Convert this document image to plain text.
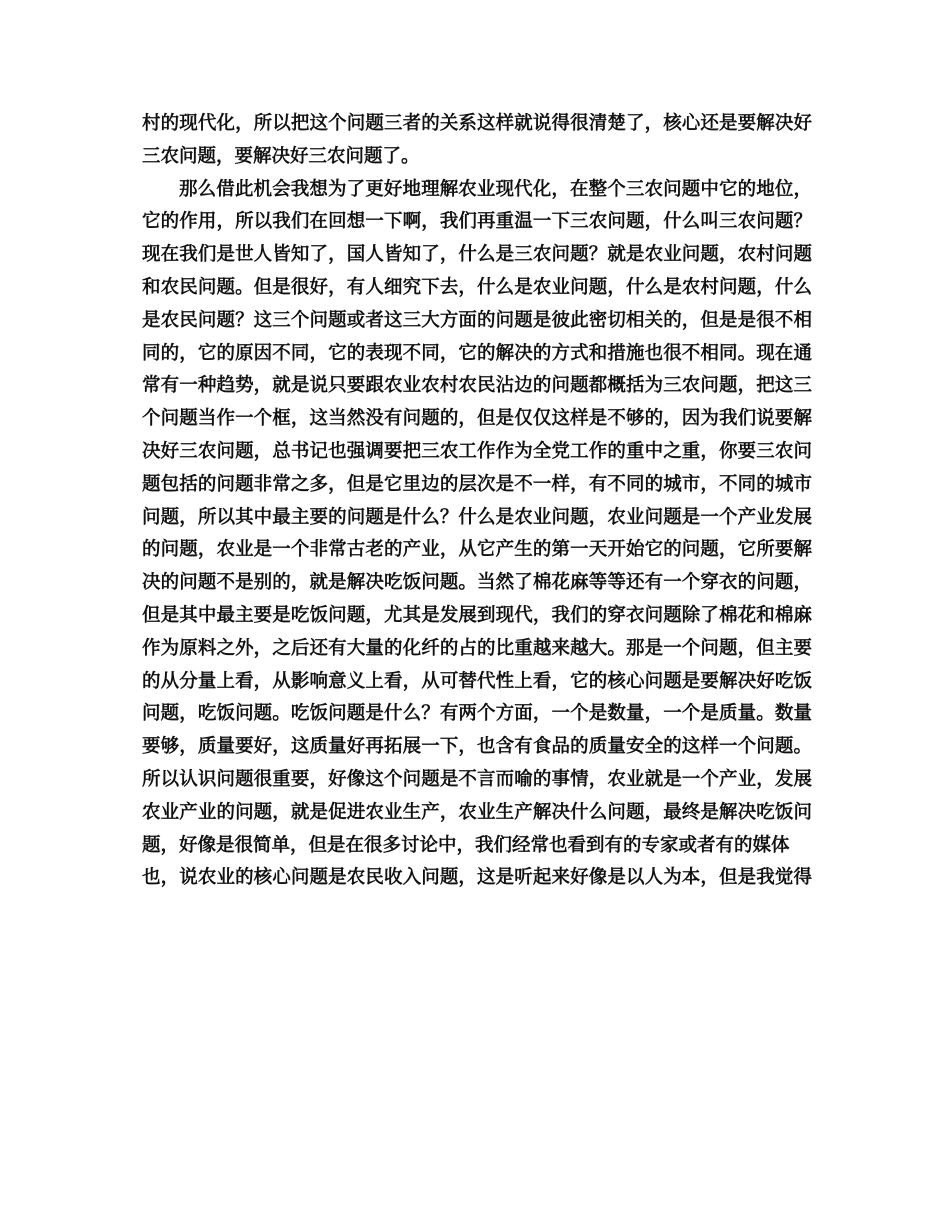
村的现代化，所以把这个问题三者的关系这样就说得很清楚了，核心还是要解决好
三农问题，要解决好三农问题了。
那么借此机会我想为了更好地理解农业现代化，在整个三农问题中它的地位，
它的作用，所以我们在回想一下啊，我们再重温一下三农问题，什么叫三农问题？
现在我们是世人皆知了，国人皆知了，什么是三农问题？就是农业问题，农村问题
和农民问题。但是很好，有人细究下去，什么是农业问题，什么是农村问题，什么
是农民问题？这三个问题或者这三大方面的问题是彼此密切相关的，但是是很不相
同的，它的原因不同，它的表现不同，它的解决的方式和措施也很不相同。现在通
常有一种趋势，就是说只要跟农业农村农民沾边的问题都概括为三农问题，把这三
个问题当作一个框，这当然没有问题的，但是仅仅这样是不够的，因为我们说要解
决好三农问题，总书记也强调要把三农工作作为全党工作的重中之重，你要三农问
题包括的问题非常之多，但是它里边的层次是不一样，有不同的城市，不同的城市
问题，所以其中最主要的问题是什么？什么是农业问题，农业问题是一个产业发展
的问题，农业是一个非常古老的产业，从它产生的第一天开始它的问题，它所要解
决的问题不是别的，就是解决吃饭问题。当然了棉花麻等等还有一个穿衣的问题，
但是其中最主要是吃饭问题，尤其是发展到现代，我们的穿衣问题除了棉花和棉麻
作为原料之外，之后还有大量的化纤的占的比重越来越大。那是一个问题，但主要
的从分量上看，从影响意义上看，从可替代性上看，它的核心问题是要解决好吃饭
问题，吃饭问题。吃饭问题是什么？有两个方面，一个是数量，一个是质量。数量
要够，质量要好，这质量好再拓展一下，也含有食品的质量安全的这样一个问题。
所以认识问题很重要，好像这个问题是不言而喻的事情，农业就是一个产业，发展
农业产业的问题，就是促进农业生产，农业生产解决什么问题，最终是解决吃饭问
题，好像是很简单，但是在很多讨论中，我们经常也看到有的专家或者有的媒体
也，说农业的核心问题是农民收入问题，这是听起来好像是以人为本，但是我觉得
